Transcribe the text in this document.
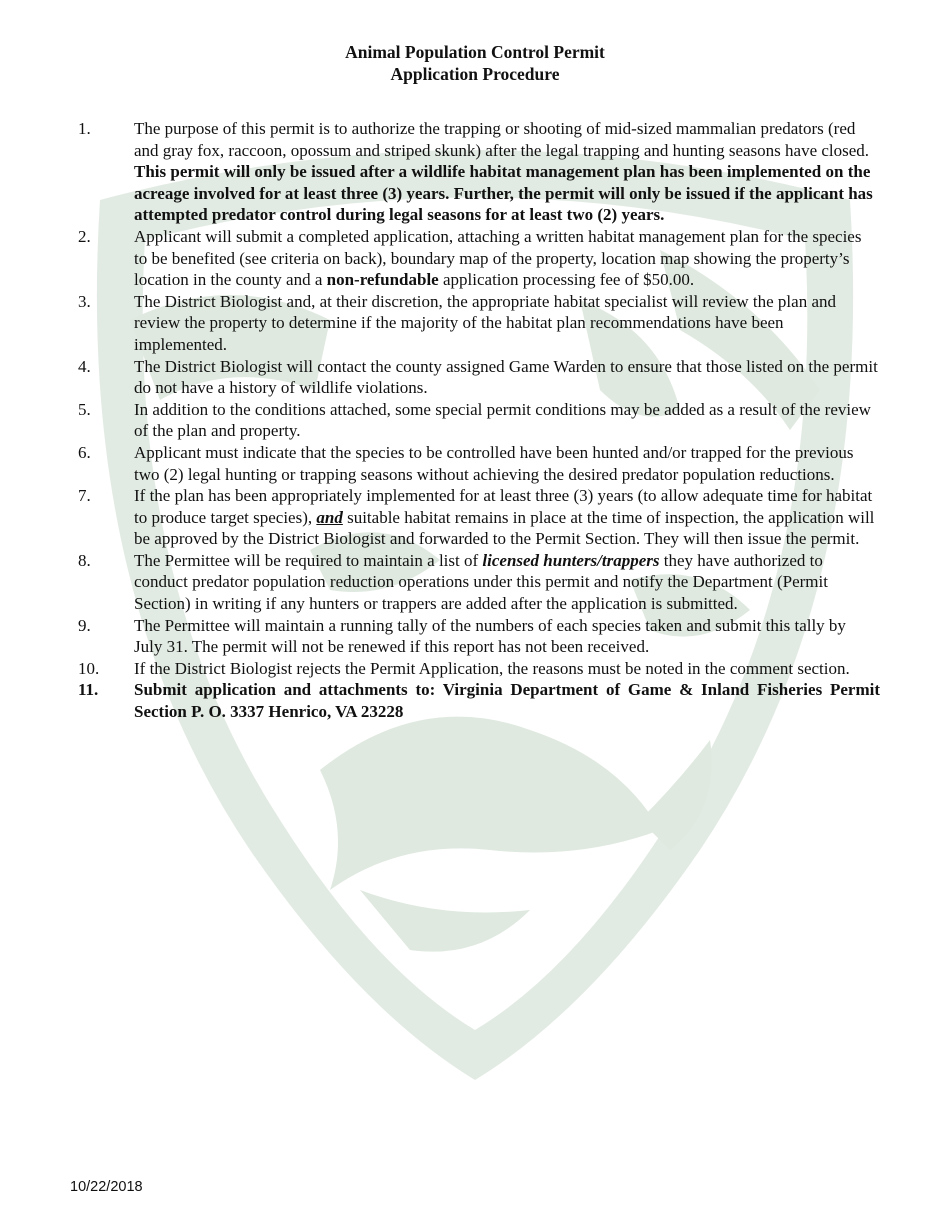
Animal Population Control Permit
Application Procedure
1.	The purpose of this permit is to authorize the trapping or shooting of mid-sized mammalian predators (red and gray fox, raccoon, opossum and striped skunk) after the legal trapping and hunting seasons have closed.  This permit will only be issued after a wildlife habitat management plan has been implemented on the acreage involved for at least three (3) years. Further, the permit will only be issued if the applicant has attempted predator control during legal seasons for at least two (2) years.
2.	Applicant will submit a completed application, attaching a written habitat management plan for the species to be benefited (see criteria on back), boundary map of the property, location map showing the property’s location in the county and a non-refundable application processing fee of $50.00.
3.	The District Biologist and, at their discretion, the appropriate habitat specialist will review the plan and review the property to determine if the majority of the habitat plan recommendations have been implemented.
4.	The District Biologist will contact the county assigned Game Warden to ensure that those listed on the permit do not have a history of wildlife violations.
5.	In addition to the conditions attached, some special permit conditions may be added as a result of the review of the plan and property.
6.	Applicant must indicate that the species to be controlled have been hunted and/or trapped for the previous two (2) legal hunting or trapping seasons without achieving the desired predator population reductions.
7.	If the plan has been appropriately implemented for at least three (3) years (to allow adequate time for habitat to produce target species), and suitable habitat remains in place at the time of inspection, the application will be approved by the District Biologist and forwarded to the Permit Section. They will then issue the permit.
8.	The Permittee will be required to maintain a list of licensed hunters/trappers they have authorized to conduct predator population reduction operations under this permit and notify the Department (Permit Section) in writing if any hunters or trappers are added after the application is submitted.
9.	The Permittee will maintain a running tally of the numbers of each species taken and submit this tally by July 31. The permit will not be renewed if this report has not been received.
10. If the District Biologist rejects the Permit Application, the reasons must be noted in the comment section.
11. Submit application and attachments to: Virginia Department of Game & Inland Fisheries Permit Section P. O. 3337 Henrico, VA 23228
10/22/2018
